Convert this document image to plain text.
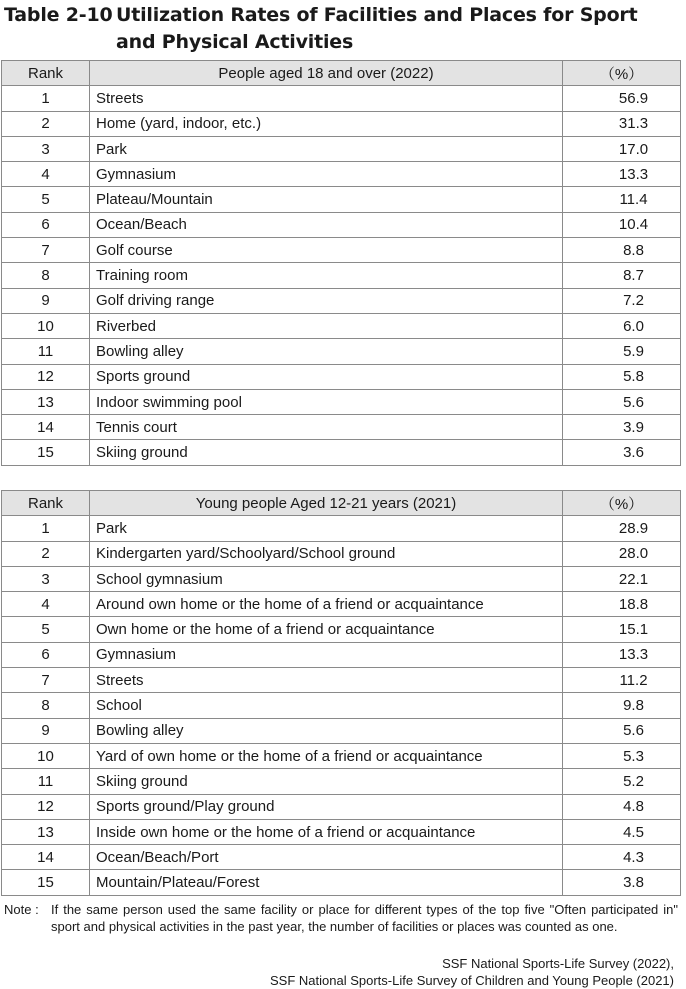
Table 2-10 Utilization Rates of Facilities and Places for Sport and Physical Activities
Rank	People aged 18 and over (2022)	（%）
1	Streets	56.9
2	Home (yard, indoor, etc.)	31.3
3	Park	17.0
4	Gymnasium	13.3
5	Plateau/Mountain	11.4
6	Ocean/Beach	10.4
7	Golf course	8.8
8	Training room	8.7
9	Golf driving range	7.2
10	Riverbed	6.0
11	Bowling alley	5.9
12	Sports ground	5.8
13	Indoor swimming pool	5.6
14	Tennis court	3.9
15	Skiing ground	3.6
Rank	Young people Aged 12-21 years (2021)	（%）
1	Park	28.9
2	Kindergarten yard/Schoolyard/School ground	28.0
3	School gymnasium	22.1
4	Around own home or the home of a friend or acquaintance	18.8
5	Own home or the home of a friend or acquaintance	15.1
6	Gymnasium	13.3
7	Streets	11.2
8	School	9.8
9	Bowling alley	5.6
10	Yard of own home or the home of a friend or acquaintance	5.3
11	Skiing ground	5.2
12	Sports ground/Play ground	4.8
13	Inside own home or the home of a friend or acquaintance	4.5
14	Ocean/Beach/Port	4.3
15	Mountain/Plateau/Forest	3.8
Note : If the same person used the same facility or place for different types of the top five "Often participated in" sport and physical activities in the past year, the number of facilities or places was counted as one.
SSF National Sports-Life Survey (2022),
SSF National Sports-Life Survey of Children and Young People (2021)
